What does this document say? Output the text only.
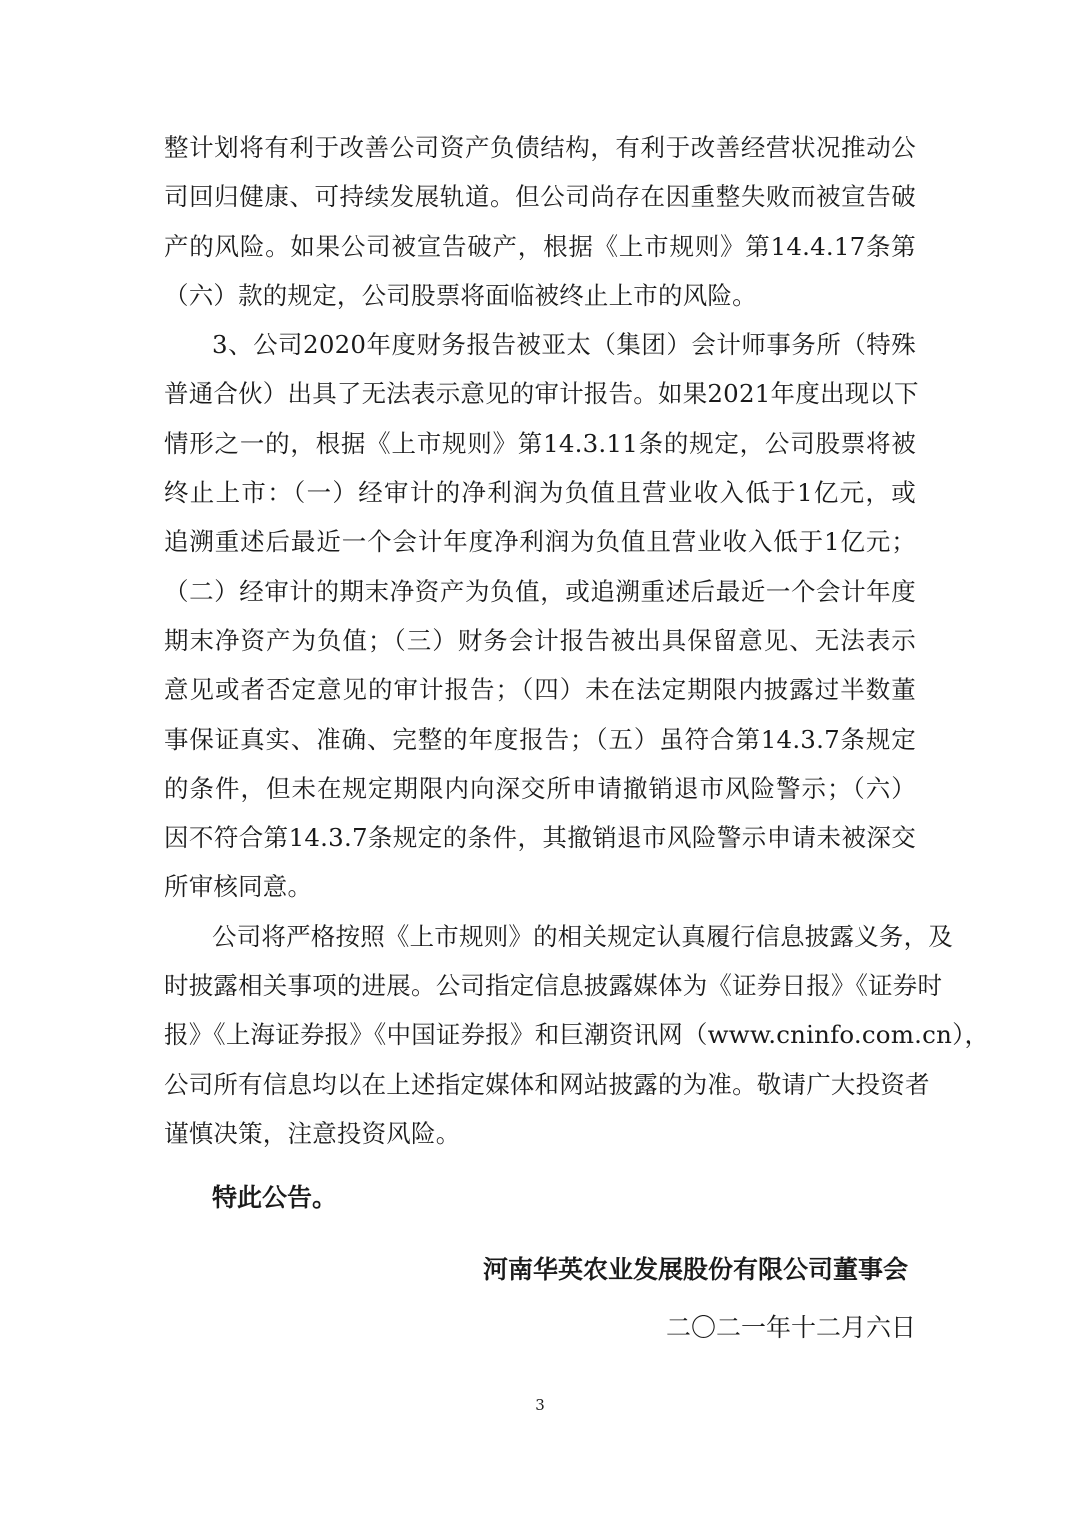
整计划将有利于改善公司资产负债结构，有利于改善经营状况推动公
司回归健康、可持续发展轨道。但公司尚存在因重整失败而被宣告破
产的风险。如果公司被宣告破产，根据《上市规则》第14.4.17条第
（六）款的规定，公司股票将面临被终止上市的风险。
3、公司2020年度财务报告被亚太（集团）会计师事务所（特殊
普通合伙）出具了无法表示意见的审计报告。如果2021年度出现以下
情形之一的，根据《上市规则》第14.3.11条的规定，公司股票将被
终止上市：（一）经审计的净利润为负值且营业收入低于1亿元，或
追溯重述后最近一个会计年度净利润为负值且营业收入低于1亿元；
（二）经审计的期末净资产为负值，或追溯重述后最近一个会计年度
期末净资产为负值；（三）财务会计报告被出具保留意见、无法表示
意见或者否定意见的审计报告；（四）未在法定期限内披露过半数董
事保证真实、准确、完整的年度报告；（五）虽符合第14.3.7条规定
的条件，但未在规定期限内向深交所申请撤销退市风险警示；（六）
因不符合第14.3.7条规定的条件，其撤销退市风险警示申请未被深交
所审核同意。
公司将严格按照《上市规则》的相关规定认真履行信息披露义务，及
时披露相关事项的进展。公司指定信息披露媒体为《证券日报》《证券时
报》《上海证券报》《中国证券报》和巨潮资讯网（www.cninfo.com.cn），
公司所有信息均以在上述指定媒体和网站披露的为准。敬请广大投资者
谨慎决策，注意投资风险。
特此公告。
河南华英农业发展股份有限公司董事会
二〇二一年十二月六日
3
